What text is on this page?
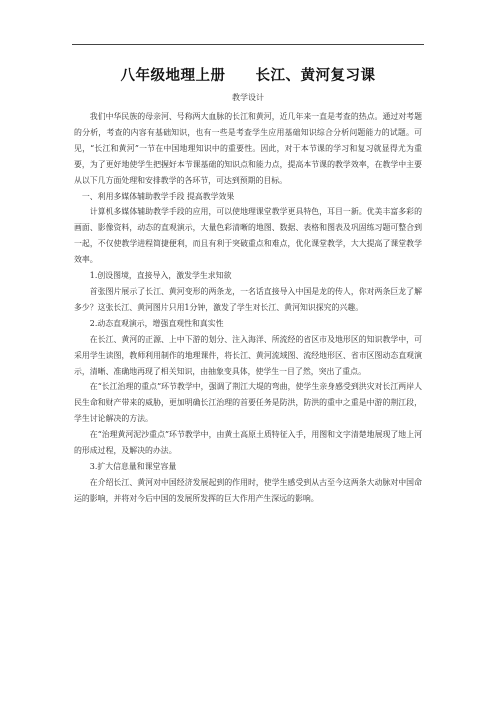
八年级地理上册　　长江、黄河复习课
教学设计

我们中华民族的母亲河、号称两大血脉的长江和黄河，近几年来一直是考查的热点。通过对考题的分析，考查的内容有基础知识，也有一些是考查学生应用基础知识综合分析问题能力的试题。可见，“长江和黄河”一节在中国地理知识中的重要性。因此，对于本节课的学习和复习就显得尤为重要，为了更好地使学生把握好本节课基础的知识点和能力点，提高本节课的教学效率，在教学中主要从以下几方面处理和安排教学的各环节，可达到预期的目标。

一、利用多媒体辅助教学手段 提高教学效果

计算机多媒体辅助教学手段的应用，可以使地理课堂教学更具特色，耳目一新。优美丰富多彩的画面、影像资料，动态的直观演示，大量色彩清晰的地图、数据、表格和图表及巩固练习题可整合到一起，不仅使教学进程简捷便利，而且有利于突破重点和难点，优化课堂教学，大大提高了课堂教学效率。

1.创设图境，直接导入，激发学生求知欲

首张图片展示了长江、黄河变形的两条龙，一名话直接导入中国是龙的传人，你对两条巨龙了解多少？这张长江、黄河图片只用1分钟，激发了学生对长江、黄河知识探究的兴趣。

2.动态直观演示，增强直观性和真实性

在长江、黄河的正源、上中下游的划分、注入海洋、所流经的省区市及地形区的知识教学中，可采用学生读图，教师利用制作的地理课件，将长江、黄河流域图、流经地形区、省市区图动态直观演示，清晰、准确地再现了相关知识，由抽象变具体，使学生一目了然，突出了重点。

在“长江治理的重点”环节教学中，强调了荆江大堤的弯曲，使学生亲身感受到洪灾对长江两岸人民生命和财产带来的威胁，更加明确长江治理的首要任务是防洪，防洪的重中之重是中游的荆江段，学生讨论解决的方法。

在“治理黄河泥沙重点”环节教学中，由黄土高原土质特征入手，用图和文字清楚地展现了地上河的形成过程，及解决的办法。

3.扩大信息量和课堂容量

在介绍长江、黄河对中国经济发展起到的作用时，使学生感受到从古至今这两条大动脉对中国命运的影响，并将对今后中国的发展所发挥的巨大作用产生深远的影响。
